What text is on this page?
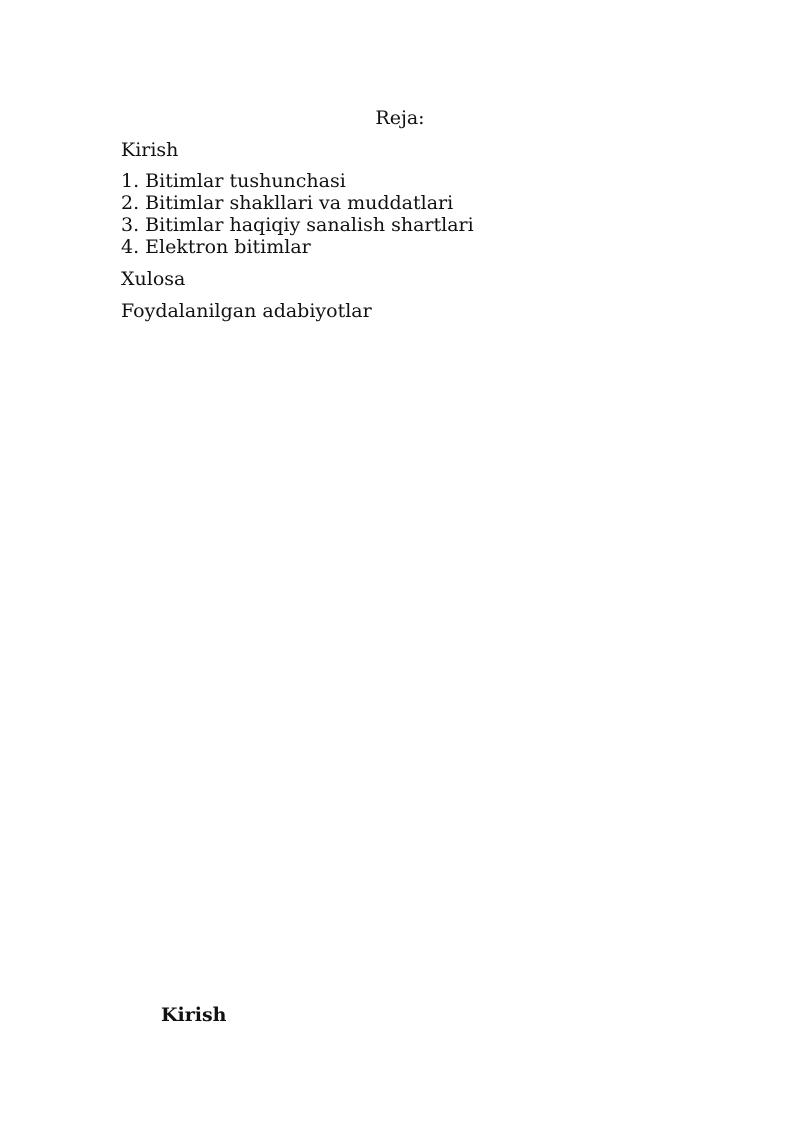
Reja:

Kirish

1. Bitimlar tushunchasi
2. Bitimlar shakllari va muddatlari
3. Bitimlar haqiqiy sanalish shartlari
4. Elektron bitimlar

Xulosa

Foydalanilgan adabiyotlar

Kirish
